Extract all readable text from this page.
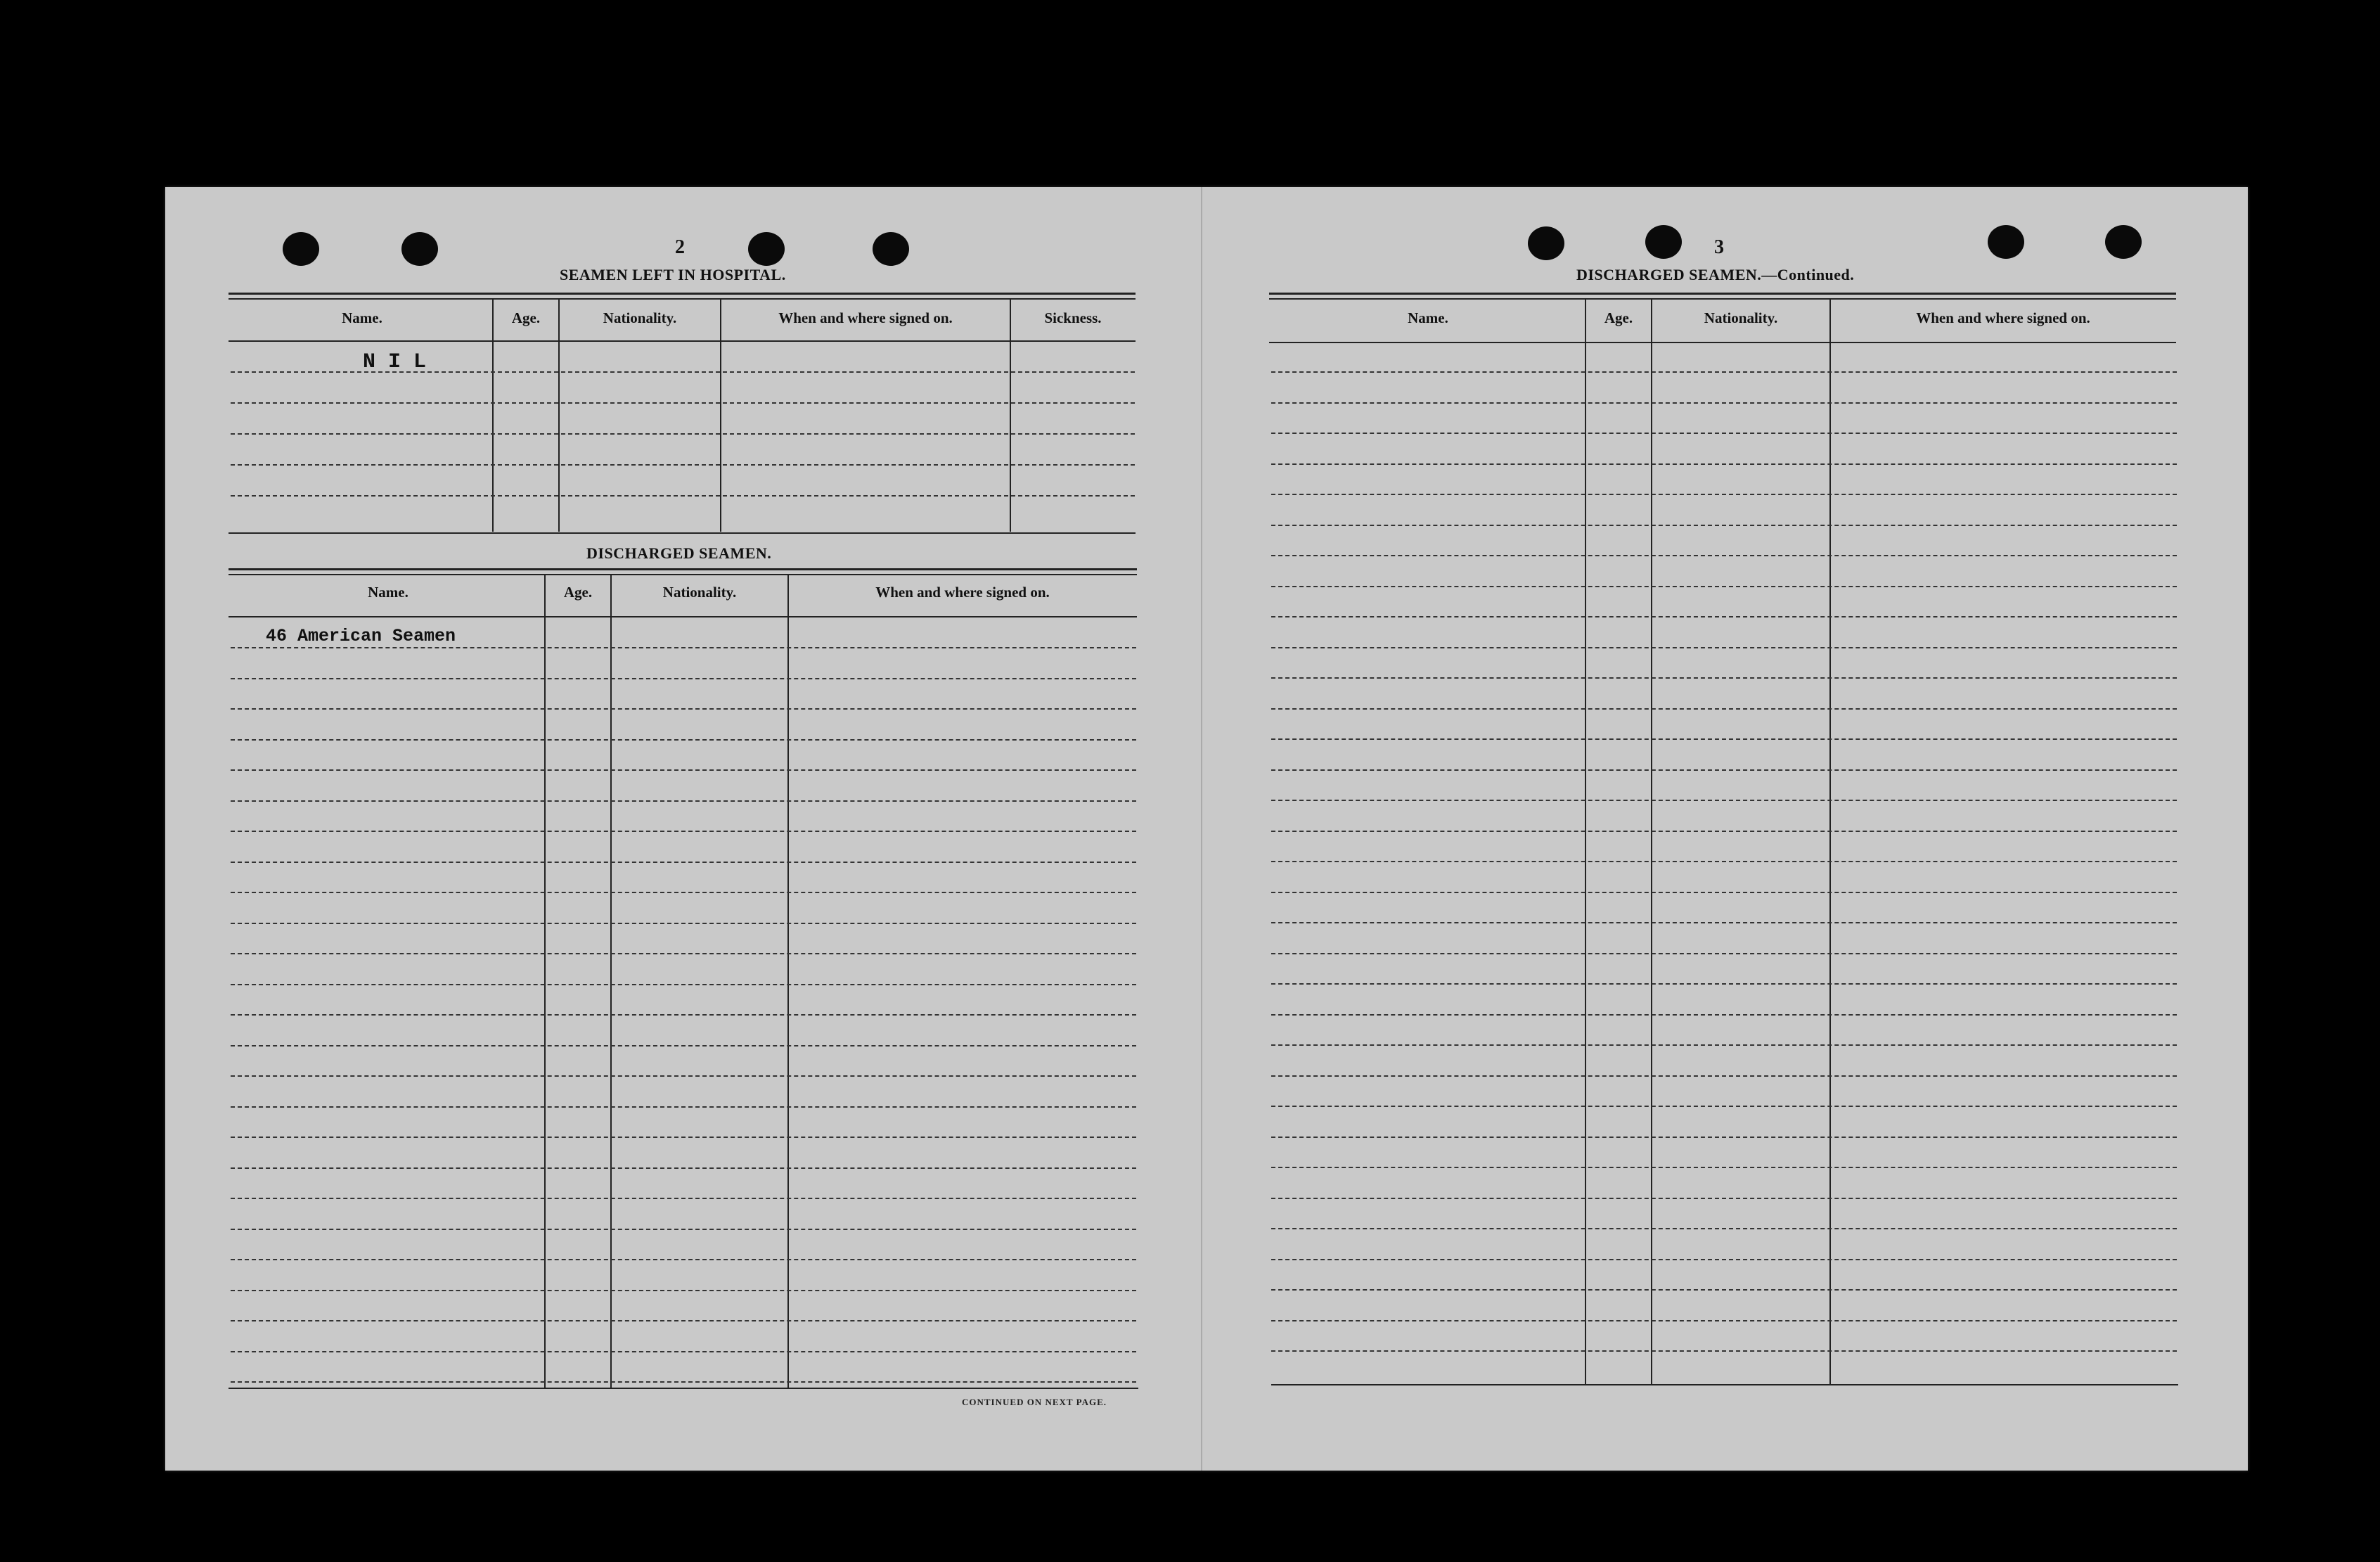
2
SEAMEN LEFT IN HOSPITAL.
Name.	Age.	Nationality.	When and where signed on.	Sickness.
N I L
DISCHARGED SEAMEN.
Name.	Age.	Nationality.	When and where signed on.
46 American Seamen
CONTINUED ON NEXT PAGE.
3
DISCHARGED SEAMEN.—Continued.
Name.	Age.	Nationality.	When and where signed on.
